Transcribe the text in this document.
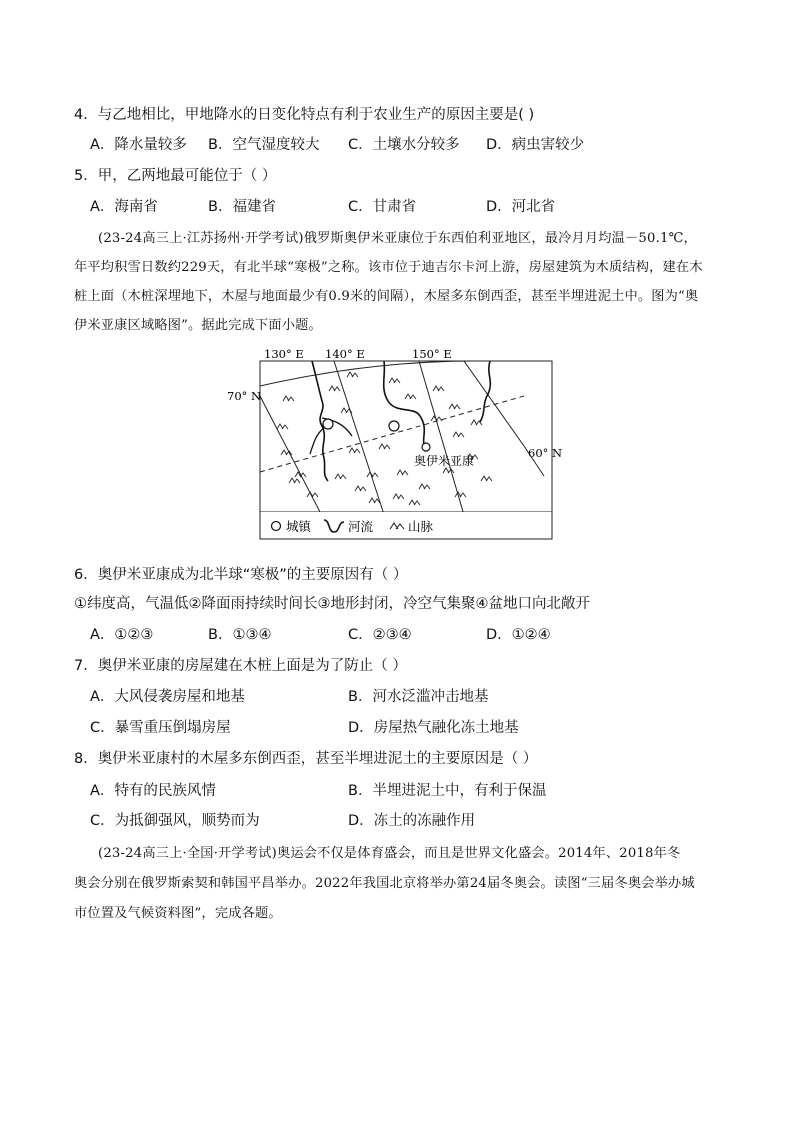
4．与乙地相比，甲地降水的日变化特点有利于农业生产的原因主要是( )
A．降水量较多 B．空气湿度较大 C．土壤水分较多 D．病虫害较少
5．甲，乙两地最可能位于（ ）
A．海南省	B．福建省	C．甘肃省	D．河北省
(23-24高三上·江苏扬州·开学考试)俄罗斯奥伊米亚康位于东西伯利亚地区，最冷月月均温－50.1℃，
年平均积雪日数约229天，有北半球“寒极”之称。该市位于迪吉尔卡河上游，房屋建筑为木质结构，建在木
桩上面（木桩深埋地下，木屋与地面最少有0.9米的间隔），木屋多东倒西歪，甚至半埋进泥土中。图为“奥
伊米亚康区域略图”。据此完成下面小题。
130° E 140° E	150° E
70° N
60° N
奥伊米亚康
城镇	河流	山脉
6．奥伊米亚康成为北半球“寒极”的主要原因有（ ）
①纬度高，气温低②降面雨持续时间长③地形封闭，冷空气集聚④盆地口向北敞开
A．①②③	B．①③④	C．②③④	D．①②④
7．奥伊米亚康的房屋建在木桩上面是为了防止（ ）
A．大风侵袭房屋和地基	B．河水泛滥冲击地基
C．暴雪重压倒塌房屋	D．房屋热气融化冻土地基
8．奥伊米亚康村的木屋多东倒西歪，甚至半埋进泥土的主要原因是（ ）
A．特有的民族风情	B．半埋进泥土中，有利于保温
C．为抵御强风，顺势而为	D．冻土的冻融作用
(23-24高三上·全国·开学考试)奥运会不仅是体育盛会，而且是世界文化盛会。2014年、2018年冬
奥会分别在俄罗斯索契和韩国平昌举办。2022年我国北京将举办第24届冬奥会。读图“三届冬奥会举办城
市位置及气候资料图”，完成各题。
